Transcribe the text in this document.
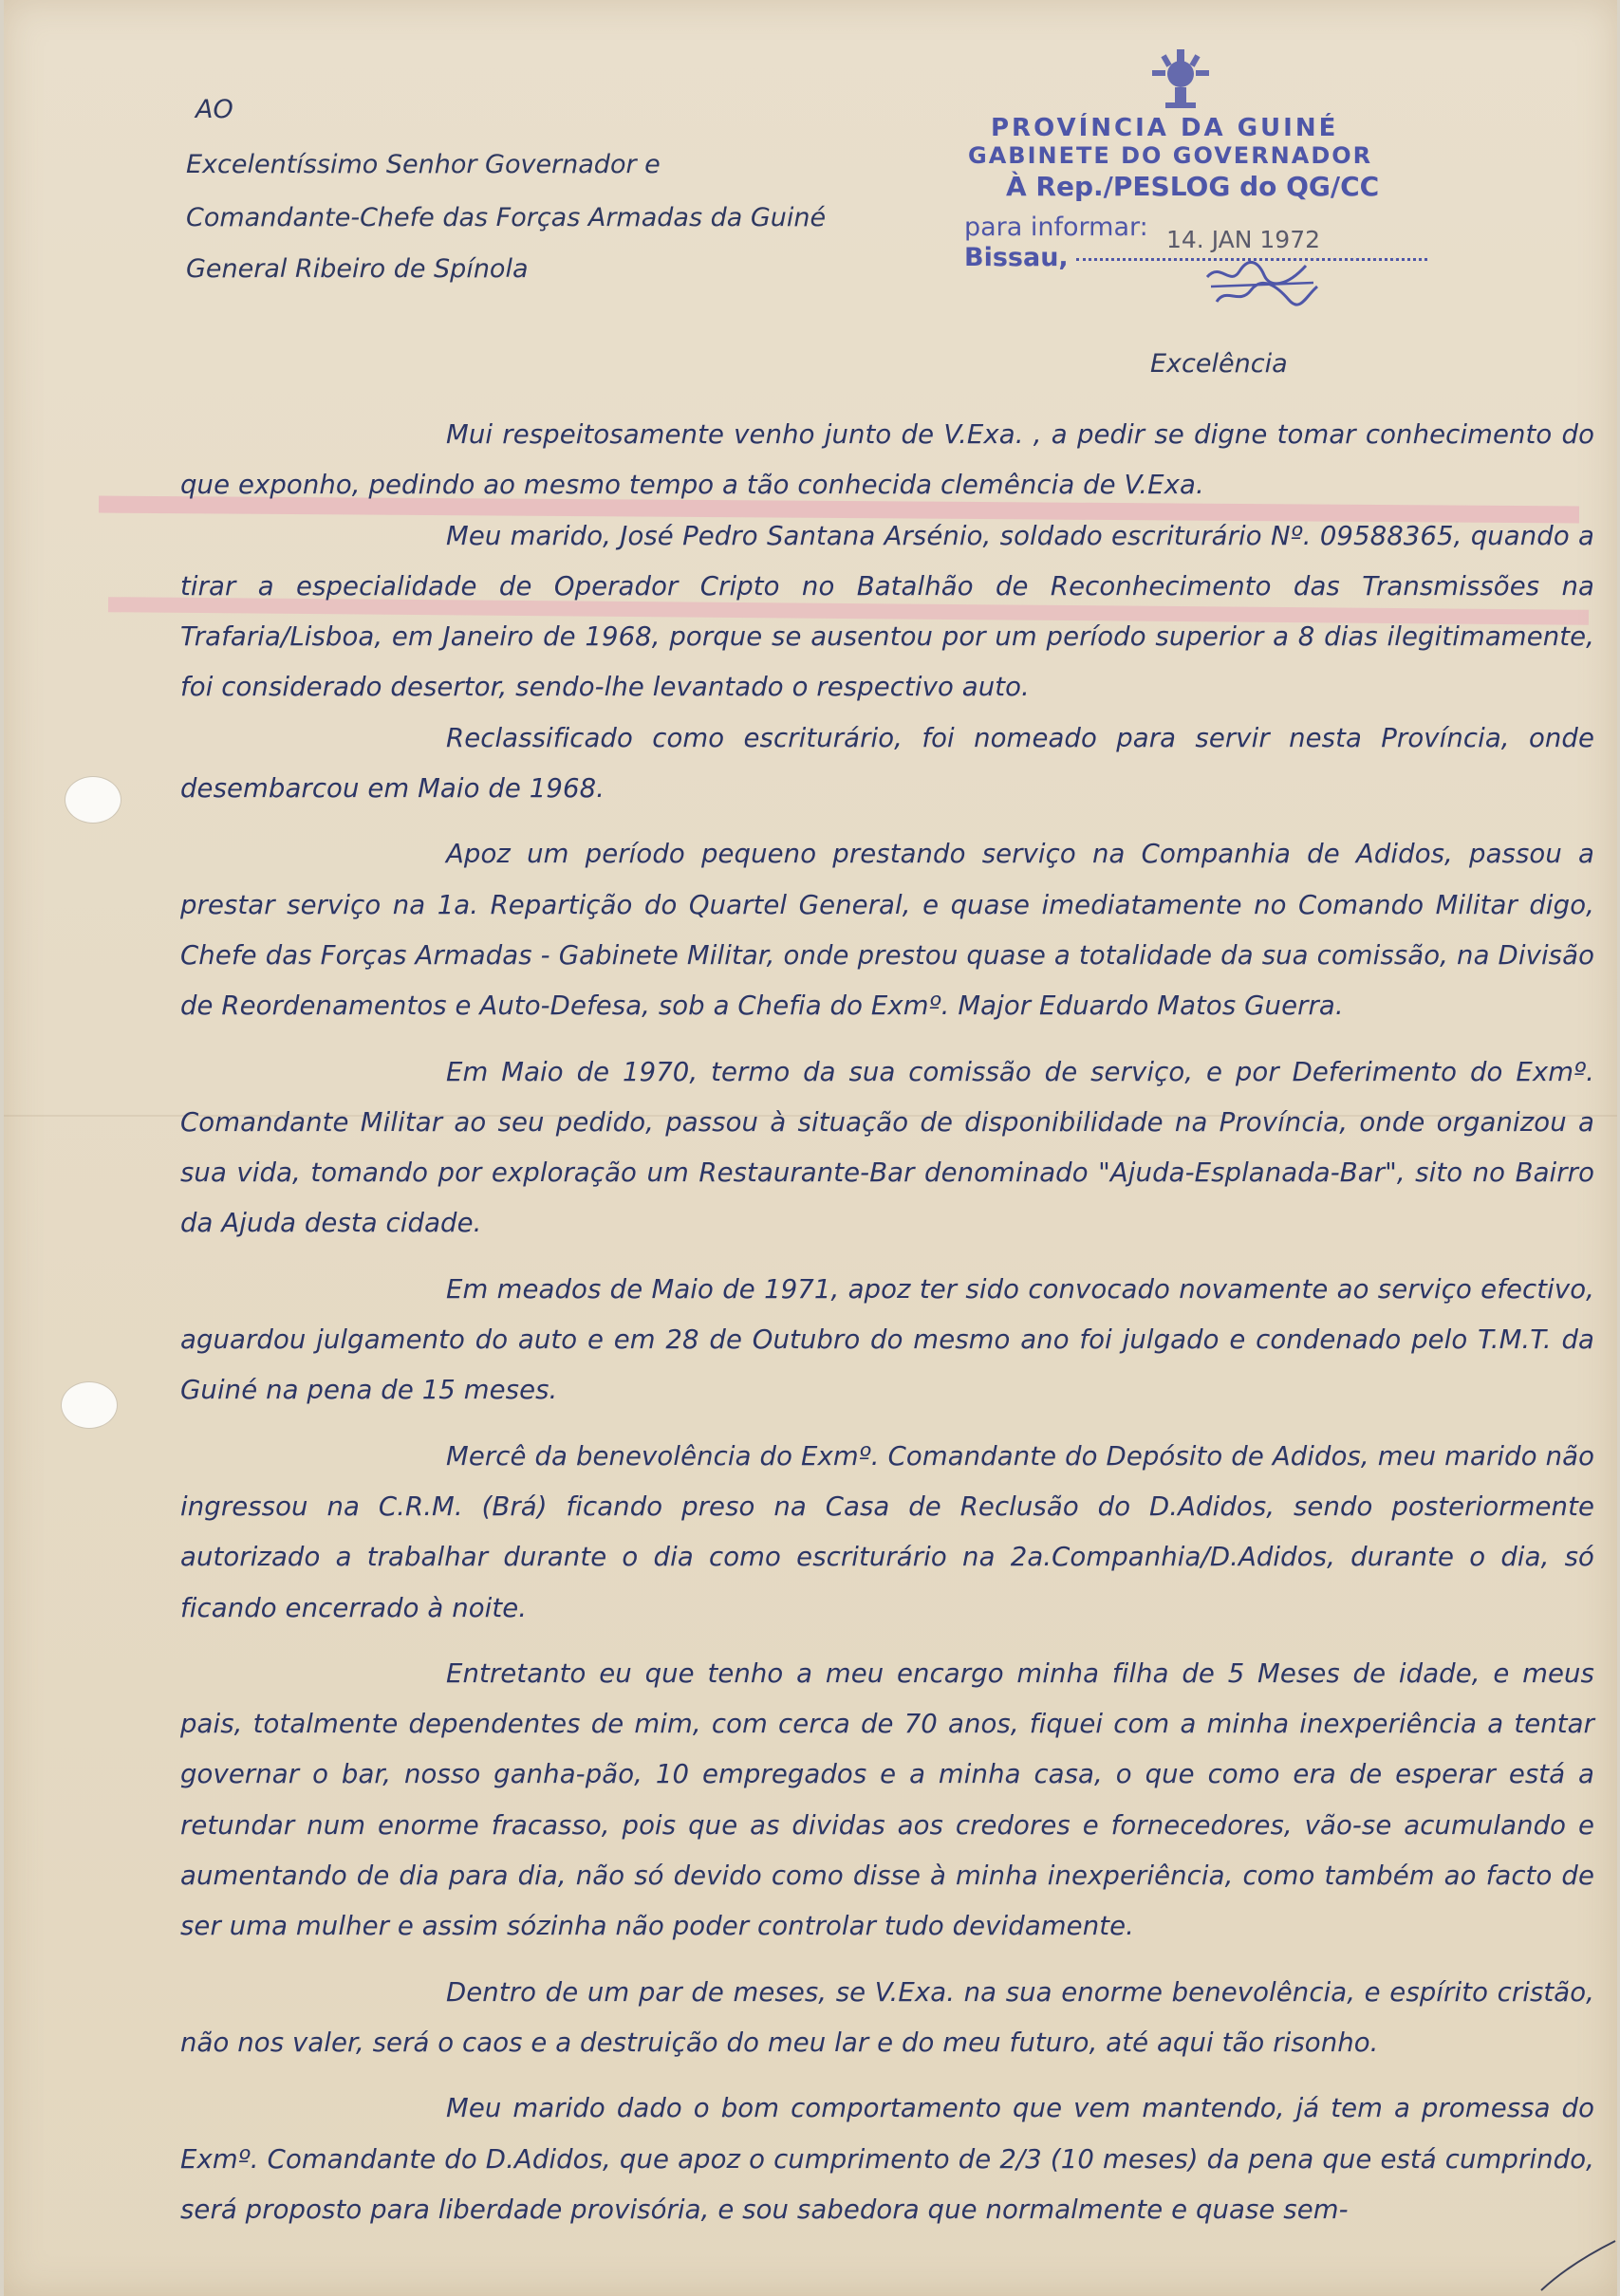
PROVÍNCIA DA GUINÉ
GABINETE DO GOVERNADOR
À Rep./PESLOG do QG/CC
para informar: 14. JAN 1972
Bissau,
AO
Excelentíssimo Senhor Governador e
Comandante-Chefe das Forças Armadas da Guiné
General Ribeiro de Spínola
Excelência

Mui respeitosamente venho junto de V.Exa. , a pedir se digne tomar conhecimento do que exponho, pedindo ao mesmo tempo a tão conhecida clemência de V.Exa.

Meu marido, José Pedro Santana Arsénio, soldado escriturário Nº. 09588365, quando a tirar a especialidade de Operador Cripto no Batalhão de Reconhecimento das Transmissões na Trafaria/Lisboa, em Janeiro de 1968, porque se ausentou por um período superior a 8 dias ilegitimamente, foi considerado desertor, sendo-lhe levantado o respectivo auto.

Reclassificado como escriturário, foi nomeado para servir nesta Província, onde desembarcou em Maio de 1968.

Apoz um período pequeno prestando serviço na Companhia de Adidos, passou a prestar serviço na 1a. Repartição do Quartel General, e quase imediatamente no Comando Militar digo, Chefe das Forças Armadas - Gabinete Militar, onde prestou quase a totalidade da sua comissão, na Divisão de Reordenamentos e Auto-Defesa, sob a Chefia do Exmº. Major Eduardo Matos Guerra.

Em Maio de 1970, termo da sua comissão de serviço, e por Deferimento do Exmº. Comandante Militar ao seu pedido, passou à situação de disponibilidade na Província, onde organizou a sua vida, tomando por exploração um Restaurante-Bar denominado "Ajuda-Esplanada-Bar", sito no Bairro da Ajuda desta cidade.

Em meados de Maio de 1971, apoz ter sido convocado novamente ao serviço efectivo, aguardou julgamento do auto e em 28 de Outubro do mesmo ano foi julgado e condenado pelo T.M.T. da Guiné na pena de 15 meses.

Mercê da benevolência do Exmº. Comandante do Depósito de Adidos, meu marido não ingressou na C.R.M. (Brá) ficando preso na Casa de Reclusão do D.Adidos, sendo posteriormente autorizado a trabalhar durante o dia como escriturário na 2a.Companhia/D.Adidos, durante o dia, só ficando encerrado à noite.

Entretanto eu que tenho a meu encargo minha filha de 5 Meses de idade, e meus pais, totalmente dependentes de mim, com cerca de 70 anos, fiquei com a minha inexperiência a tentar governar o bar, nosso ganha-pão, 10 empregados e a minha casa, o que como era de esperar está a retundar num enorme fracasso, pois que as dividas aos credores e fornecedores, vão-se acumulando e aumentando de dia para dia, não só devido como disse à minha inexperiência, como também ao facto de ser uma mulher e assim sózinha não poder controlar tudo devidamente.

Dentro de um par de meses, se V.Exa. na sua enorme benevolência, e espírito cristão, não nos valer, será o caos e a destruição do meu lar e do meu futuro, até aqui tão risonho.

Meu marido dado o bom comportamento que vem mantendo, já tem a promessa do Exmº. Comandante do D.Adidos, que apoz o cumprimento de 2/3 (10 meses) da pena que está cumprindo, será proposto para liberdade provisória, e sou sabedora que normalmente e quase sem-
